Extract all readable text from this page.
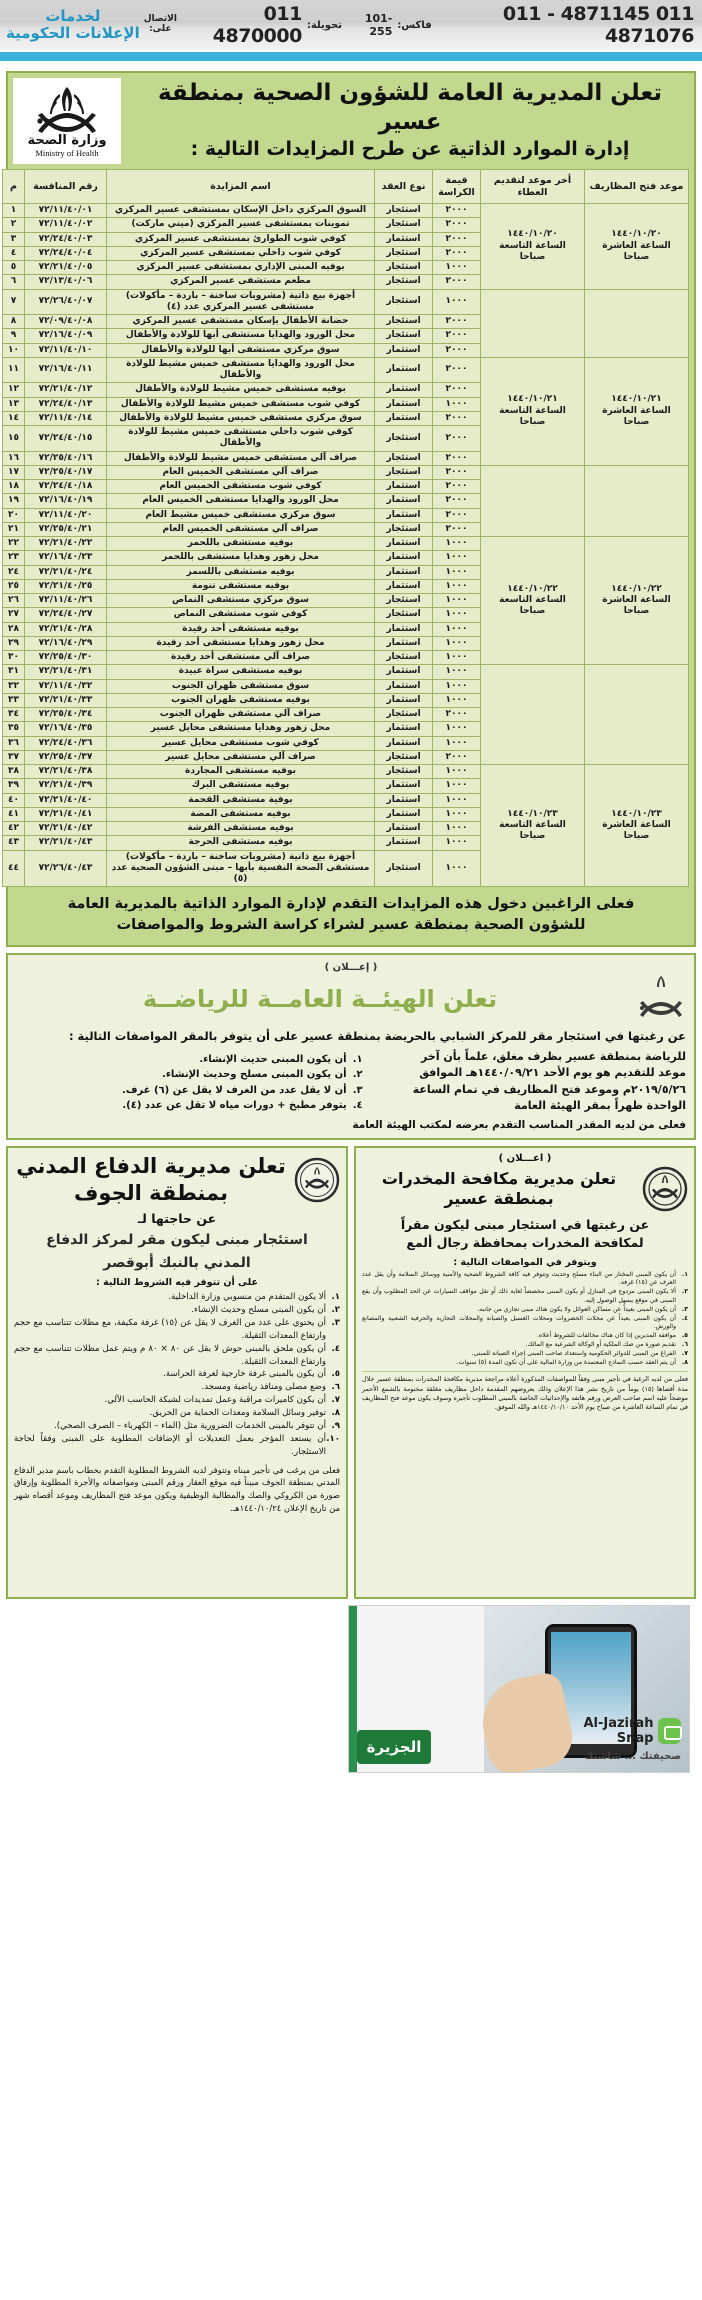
011 4871145 - 011 4871076
فاكس:
101-255
تحويلة:
011 4870000
الاتصال
على:
لخدمات
الإعلانات الحكومية
تعلن المديرية العامة للشؤون الصحية بمنطقة عسير
إدارة الموارد الذاتية عن طرح المزايدات التالية :
وزارة الصحة
Ministry of Health
موعد فتح المظاريف	أخر موعد لتقديم العطاء	قيمة الكراسة	نوع العقد	اسم المزايدة	رقم المنافسة	م

١٤٤٠/١٠/٢٠
الساعة العاشرة
صباحا

١٤٤٠/١٠/٢٠
الساعة التاسعة
صباحا
	٢٠٠٠	استئجار	السوق المركزي داخل الإسكان بمستشفى عسير المركزي	٧٢/١١/٤٠/٠١	١
		٢٠٠٠	استئجار	تموينات بمستشفى عسير المركزي (ميني ماركت)	٧٢/١١/٤٠/٠٢	٢
		٢٠٠٠	استثمار	كوفي شوب الطوارئ بمستشفى عسير المركزي	٧٢/٢٤/٤٠/٠٣	٣
		٢٠٠٠	استئجار	كوفي شوب داخلي بمستشفى عسير المركزي	٧٢/٢٤/٤٠/٠٤	٤
		١٠٠٠	استئجار	بوفيه المبنى الإداري بمستشفى عسير المركزي	٧٢/٢١/٤٠/٠٥	٥
		٢٠٠٠	استئجار	مطعم مستشفى عسير المركزي	٧٢/١٣/٤٠/٠٦	٦
		١٠٠٠	استئجار	أجهزة بيع ذاتية (مشروبات ساخنة – باردة – مأكولات) مستشفى عسير المركزي عدد (٤)	٧٢/٢٦/٤٠/٠٧	٧
		٢٠٠٠	استئجار	حضانة الأطفال بإسكان مستشفى عسير المركزي	٧٢/٠٩/٤٠/٠٨	٨
		٢٠٠٠	استئجار	محل الورود والهدايا مستشفى أبها للولادة والأطفال	٧٢/١٦/٤٠/٠٩	٩
		٢٠٠٠	استثمار	سوق مركزي مستشفى أبها للولادة والأطفال	٧٢/١١/٤٠/١٠	١٠

١٤٤٠/١٠/٢١
الساعة العاشرة
صباحا

١٤٤٠/١٠/٢١
الساعة التاسعة
صباحا
	٢٠٠٠	استثمار	محل الورود والهدايا مستشفى خميس مشيط للولادة والأطفال	٧٢/١٦/٤٠/١١	١١
		٢٠٠٠	استثمار	بوفيه مستشفى خميس مشيط للولادة والأطفال	٧٢/٢١/٤٠/١٢	١٢
		١٠٠٠	استثمار	كوفي شوب مستشفى خميس مشيط للولادة والأطفال	٧٢/٢٤/٤٠/١٣	١٣
		٢٠٠٠	استثمار	سوق مركزي مستشفى خميس مشيط للولادة والأطفال	٧٢/١١/٤٠/١٤	١٤
		٢٠٠٠	استئجار	كوفي شوب داخلي مستشفى خميس مشيط للولادة والأطفال	٧٢/٢٤/٤٠/١٥	١٥
		٢٠٠٠	استئجار	صراف آلي مستشفى خميس مشيط للولادة والأطفال	٧٢/٢٥/٤٠/١٦	١٦
		٢٠٠٠	استئجار	صراف آلي مستشفى الخميس العام	٧٢/٢٥/٤٠/١٧	١٧
		٢٠٠٠	استثمار	كوفي شوب مستشفى الخميس العام	٧٢/٢٤/٤٠/١٨	١٨
		٢٠٠٠	استثمار	محل الورود والهدايا مستشفى الخميس العام	٧٢/١٦/٤٠/١٩	١٩
		٢٠٠٠	استثمار	سوق مركزي مستشفى خميس مشيط العام	٧٢/١١/٤٠/٢٠	٢٠
		٢٠٠٠	استئجار	صراف آلي مستشفى الخميس العام	٧٢/٢٥/٤٠/٢١	٢١

١٤٤٠/١٠/٢٢
الساعة العاشرة
صباحا

١٤٤٠/١٠/٢٢
الساعة التاسعة
صباحا
	١٠٠٠	استثمار	بوفيه مستشفى باللحمر	٧٢/٢١/٤٠/٢٢	٢٢
		١٠٠٠	استثمار	محل زهور وهدايا مستشفى باللحمر	٧٢/١٦/٤٠/٢٣	٢٣
		١٠٠٠	استثمار	بوفيه مستشفى باللسمر	٧٢/٢١/٤٠/٢٤	٢٤
		١٠٠٠	استثمار	بوفيه مستشفى تنومة	٧٢/٢١/٤٠/٢٥	٢٥
		١٠٠٠	استئجار	سوق مركزي مستشفى النماص	٧٢/١١/٤٠/٢٦	٢٦
		١٠٠٠	استئجار	كوفي شوب مستشفى النماص	٧٢/٢٤/٤٠/٢٧	٢٧
		١٠٠٠	استثمار	بوفيه مستشفى أحد رفيدة	٧٢/٢١/٤٠/٢٨	٢٨
		١٠٠٠	استثمار	محل زهور وهدايا مستشفى أحد رفيدة	٧٢/١٦/٤٠/٢٩	٢٩
		١٠٠٠	استئجار	صراف آلي مستشفى أحد رفيدة	٧٢/٢٥/٤٠/٣٠	٣٠
		١٠٠٠	استثمار	بوفيه مستشفى سراة عبيدة	٧٢/٢١/٤٠/٣١	٣١
		١٠٠٠	استثمار	سوق مستشفى ظهران الجنوب	٧٢/١١/٤٠/٣٢	٣٢
		١٠٠٠	استثمار	بوفيه مستشفى ظهران الجنوب	٧٢/٢١/٤٠/٣٣	٣٣
		٢٠٠٠	استئجار	صراف آلي مستشفى ظهران الجنوب	٧٢/٢٥/٤٠/٣٤	٣٤
		١٠٠٠	استثمار	محل زهور وهدايا مستشفى محايل عسير	٧٢/١٦/٤٠/٣٥	٣٥
		١٠٠٠	استثمار	كوفي شوب مستشفى محايل عسير	٧٢/٢٤/٤٠/٣٦	٣٦
		٢٠٠٠	استئجار	صراف آلي مستشفى محايل عسير	٧٢/٢٥/٤٠/٣٧	٣٧

١٤٤٠/١٠/٢٣
الساعة العاشرة
صباحا

١٤٤٠/١٠/٢٣
الساعة التاسعة
صباحا
	١٠٠٠	استئجار	بوفيه مستشفى المجاردة	٧٢/٢١/٤٠/٣٨	٣٨
		١٠٠٠	استثمار	بوفيه مستشفى البرك	٧٢/٢١/٤٠/٣٩	٣٩
		١٠٠٠	استثمار	بوفية مستشفى القحمة	٧٢/٢١/٤٠/٤٠	٤٠
		١٠٠٠	استثمار	بوفيه مستشفى المضة	٧٢/٢١/٤٠/٤١	٤١
		١٠٠٠	استثمار	بوفيه مستشفى الفرشة	٧٢/٢١/٤٠/٤٢	٤٢
		١٠٠٠	استثمار	بوفيه مستشفى الحرجة	٧٢/٢١/٤٠/٤٣	٤٣
		١٠٠٠	استئجار	أجهزة بيع ذاتية (مشروبات ساخنة – باردة – مأكولات) مستشفى الصحة النفسية بأبها – مبنى الشؤون الصحية عدد (٥)	٧٢/٢٦/٤٠/٤٣	٤٤
فعلى الراغبين دخول هذه المزايدات التقدم لإدارة الموارد الذاتية بالمديرية العامة
للشؤون الصحية بمنطقة عسير لشراء كراسة الشروط والمواصفات
( إعـــلان )
تعلن الهيئــة العامــة للرياضــة
عن رغبتها في استئجار مقر للمركز الشبابي بالحريضة بمنطقة عسير على أن يتوفر بالمقر المواصفات التالية :
للرياضة بمنطقة عسير بظرف مغلق، علماً بأن آخر
موعد للتقديم هو يوم الأحد ١٤٤٠/٠٩/٢١هـ الموافق
٢٠١٩/٥/٢٦م وموعد فتح المظاريف في تمام الساعة
الواحدة ظهراً بمقر الهيئة العامة
١.
أن يكون المبنى حديث الإنشاء.
٢.
أن يكون المبنى مسلح وحديث الإنشاء.
٣.
أن لا يقل عدد من الغرف لا يقل عن (٦) غرف.
٤.
يتوفر مطبخ + دورات مياه لا تقل عن عدد (٤).
فعلى من لديه المقدر المناسب التقدم بعرضه لمكتب الهيئة العامة
( اعـــلان )
تعلن مديرية مكافحة المخدرات
بمنطقة عسير
عن رغبتها في استئجار مبنى ليكون مقراً
لمكافحة المخدرات بمحافظة رجال ألمع
ويتوفر في المواصفات التالية :
١.
أن يكون المبنى المختار من البناء مسلح وحديث وتتوفر فيه كافة الشروط الصحية والأمنية ووسائل السلامة وأن يقل عدد الغرف عن (١٥) غرفة.
٢.
ألا يكون المبنى مزدوج في المنازل أو يكون المبنى مخصصاً لغاية ذلك أو تقل مواقف السيارات عن الحد المطلوب وأن يقع المبنى في موقع يسهل الوصول إليه.
٣.
أن يكون المبنى بعيداً عن مساكن العوائل ولا يكون هناك مبنى تجاري من جانبه.
٤.
أن يكون المبنى بعيداً عن محلات الخضروات ومحلات الغسيل والصيانة والمحلات التجارية والحرفية الشعبية والمصانع والورش.
٥.
موافقة المديرين إذا كان هناك مخالفات للشروط أعلاه.
٦.
تقديم صورة من صك الملكية أو الوكالة الشرعية مع المالك.
٧.
الفراغ من المبنى للدوائر الحكومية واستعداد صاحب المبنى إجراء الصيانة للمبنى.
٨.
أن يتم العقد حسب النماذج المعتمدة من وزارة المالية على أن تكون المدة (٥) سنوات.
فعلى من لديه الرغبة في تأجير مبنى وفقاً للمواصفات المذكورة أعلاه مراجعة مديرية مكافحة المخدرات بمنطقة عسير خلال مدة أقصاها (١٥) يوماً من تاريخ نشر هذا الإعلان وذلك بعروضهم المقدمة داخل مظاريف مغلقة مختومة بالشمع الأحمر موضحاً عليه اسم صاحب العرض ورقم هاتفه والإحداثيات الخاصة بالمبنى المطلوب تأجيره وسوف يكون موعد فتح المظاريف في تمام الساعة العاشرة من صباح يوم الأحد ١٤٤٠/١٠/١٠هـ والله الموفق.
Al-Jazirah Snap
صحيفتك ... شاشتك
الجزيرة
تعلن مديرية الدفاع المدني
بمنطقة الجوف
عن حاجتها لـ
استئجار مبنى ليكون مقر لمركز الدفاع
المدني بالنبك أبوقصر
على أن تتوفر فيه الشروط التالية :
١.
ألا يكون المتقدم من منسوبي وزارة الداخلية.
٢.
أن يكون المبنى مسلح وحديث الإنشاء.
٣.
أن يحتوي على عدد من الغرف لا يقل عن (١٥) غرفة مكيفة، مع مظلات تتناسب مع حجم وارتفاع المعدات الثقيلة.
٤.
أن يكون ملحق بالمبنى حوش لا يقل عن ٨٠ × ٨٠ م ويتم عمل مظلات تتناسب مع حجم وارتفاع المعدات الثقيلة.
٥.
أن يكون بالمبنى غرفة خارجية لغرفة الحراسة.
٦.
وضع مصلى ومنافذ رياضية ومسجد.
٧.
أن يكون كاميرات مراقبة وعمل تمديدات لشبكة الحاسب الآلي.
٨.
توفير وسائل السلامة ومعدات الحماية من الحريق.
٩.
أن تتوفر بالمبنى الخدمات الضرورية مثل (الماء – الكهرباء – الصرف الصحي).
١٠.
أن يستعد المؤجر بعمل التعديلات أو الإضافات المطلوبة على المبنى وفقاً لحاجة الاستئجار.
فعلى من يرغب في تأجير مبناه وتتوفر لديه الشروط المطلوبة التقدم بخطاب باسم مدير الدفاع المدني بمنطقة الجوف مبيناً فيه موقع العقار ورقم المبنى ومواصفاته والأجرة المطلوبة وإرفاق صورة من الكروكي والصك والمطالبة الوظيفية ويكون موعد فتح المظاريف وموعد أقصاه شهر من تاريخ الإعلان ١٤٤٠/١٠/٢٤هـ.
